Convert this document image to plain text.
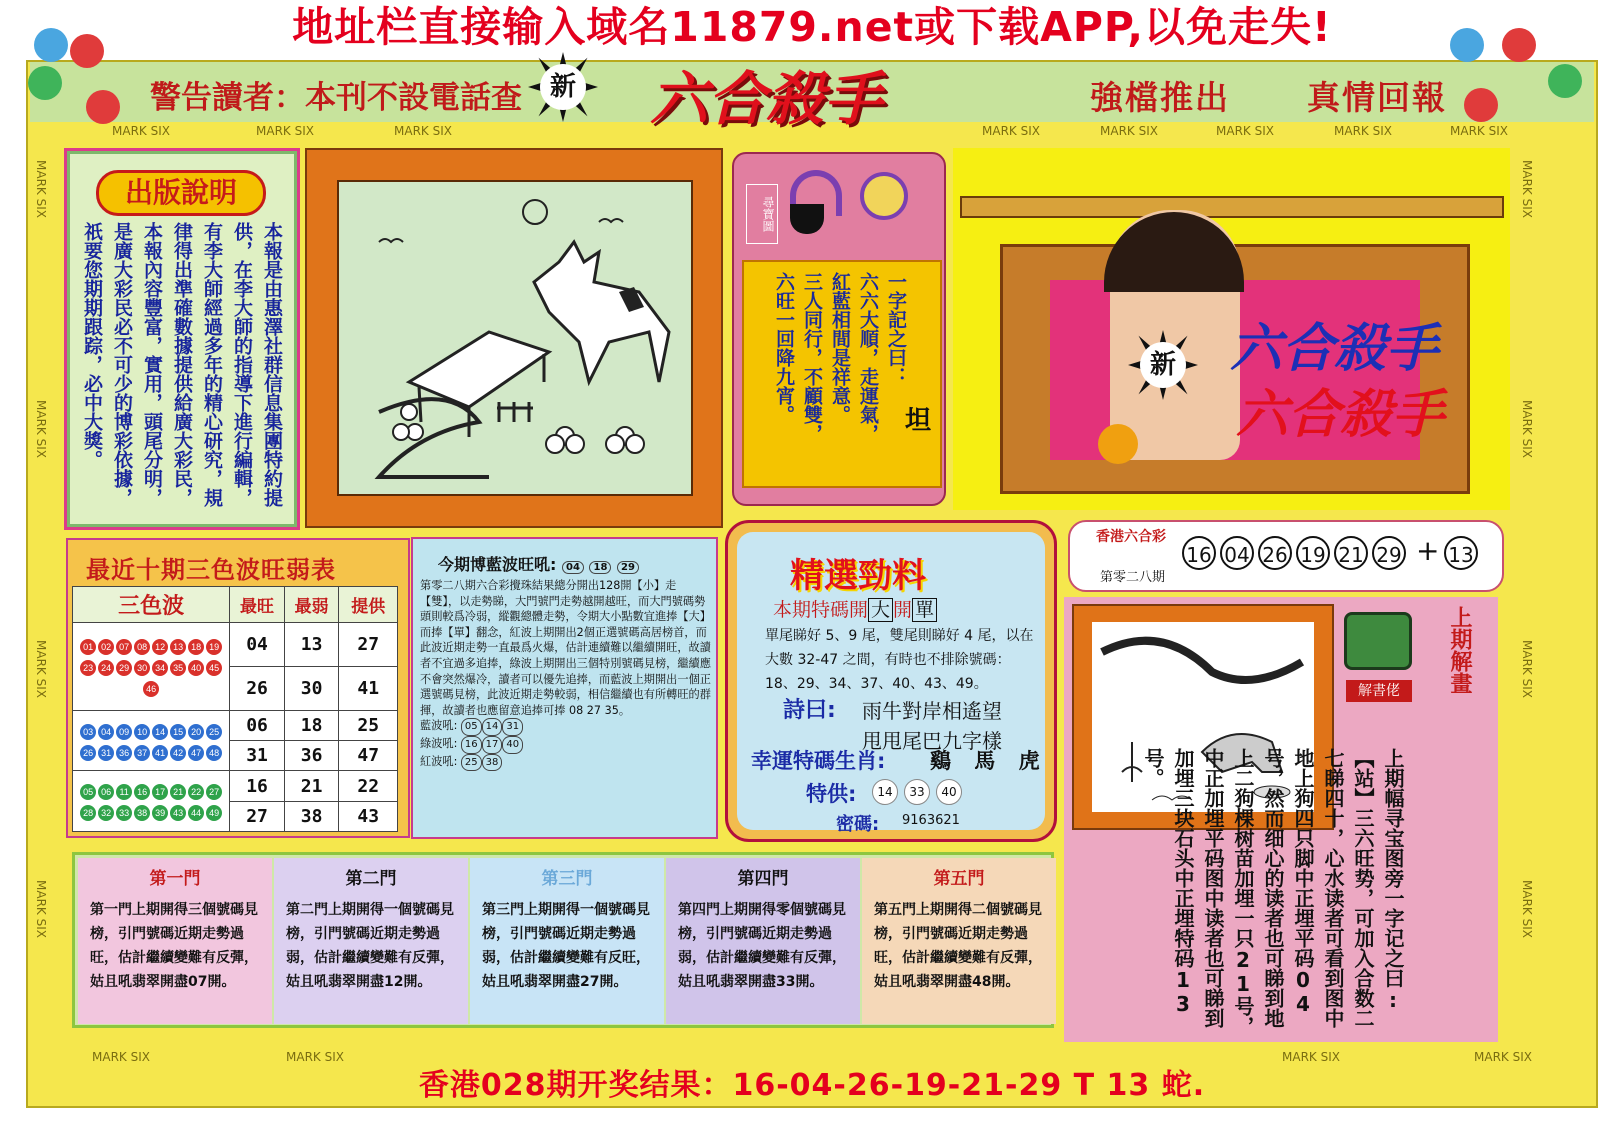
地址栏直接输入域名11879.net或下载APP,以免走失!
警告讀者：本刊不設電話查	新 六合殺手	強檔推出 真情回報
MARK SIX	MARK SIX	MARK SIX	MARK SIX	MARK SIX	MARK SIX	MARK SIX	MARK SIX
MARK SIX
MARK SIX
MARK SIX
MARK SIX
MARK SIX
MARK SIX
MARK SIX
MARK SIX
MARK SIX	MARK SIX	MARK SIX	MARK SIX
出版說明
本報是由惠澤社群信息集團特約提供，在李大師的指導下進行編輯，有李大師經過多年的精心研究，規律得出準確數據提供給廣大彩民，本報內容豐富，實用，頭尾分明，是廣大彩民必不可少的博彩依據，祇要您期期跟踪，必中大獎。
尋寶圖
一字記之曰：
六六大順，走運氣，
紅藍相間是祥意。
三人同行，不顧雙，
六旺一回降九宵。	坦
新 六合殺手
六合殺手
最近十期三色波旺弱表
三色波	最旺	最弱	提供

01 02 07 08 12 13 18 1923 24 29 30 34 35 40 4546	04	13	27
	26	30	41

03 04 09 10 14 15 20 2526 31 36 37 41 42 47 48	06	18	25
	31	36	47

05 06 11 16 17 21 22 2728 32 33 38 39 43 44 49	16	21	22
	27	38	43
今期博藍波旺吼: 04 18 29
第零二八期六合彩攪珠結果總分開出128開【小】走【雙】，以走勢睇，大門號門走勢越開越旺，而大門號碼勢頭則較爲冷弱，縱觀總體走勢，令期大小點數宜進捧【大】而捧【單】翻念，紅波上期開出2個正選號碼高居榜首，而此波近期走勢一直最爲火爆，估計連續難以繼續開旺，故讀者不宜過多追捧，綠波上期開出三個特別號碼見榜，繼續應不會突然爆冷，讀者可以優先追捧，而藍波上期開出一個正選號碼見榜，此波近期走勢較弱，相信繼續也有所轉旺的群揮，故讀者也應留意追捧可捧 08 27 35。
藍波吼: 05 14 31
綠波吼: 16 17 40
紅波吼: 25 38
精選勁料
本期特碼開 大 開 單
單尾睇好 5、9 尾，雙尾則睇好 4 尾，以在大數 32-47 之間，有時也不排除號碼：18、29、34、37、40、43、49。
詩曰: 雨牛對岸相遙望
甩甩尾巴九字樣
幸運特碼生肖: 鷄 馬 虎
特供:	14	33	40
密碼: 9163621
香港六合彩
第零二八期
16 04 26 19 21 29 + 13
解書佬	上期解畫
上期幅寻宝图旁一字记之曰:【站】三六旺势，可加入合数二七睇四十，心水读者可看到图中地上狗四只脚中正埋平码04号，然而细心的读者也可睇到地上二狗棵树苗加埋一只21号，中正加埋平码图中读者也可睇到加埋三块石头中正埋特码13号。
第一門
第一門上期開得三個號碼見榜，引門號碼近期走勢過旺，估計繼續變難有反彈，姑且吼翡翠開盡07開。
第二門
第二門上期開得一個號碼見榜，引門號碼近期走勢過弱，估計繼續變難有反彈，姑且吼翡翠開盡12開。
第三門
第三門上期開得一個號碼見榜，引門號碼近期走勢過弱，估計繼續變難有反旺，姑且吼翡翠開盡27開。
第四門
第四門上期開得零個號碼見榜，引門號碼近期走勢過弱，估計繼續變難有反彈，姑且吼翡翠開盡33開。
第五門
第五門上期開得二個號碼見榜，引門號碼近期走勢過旺，估計繼續變難有反彈，姑且吼翡翠開盡48開。
香港028期开奖结果：16-04-26-19-21-29 T 13 蛇.
